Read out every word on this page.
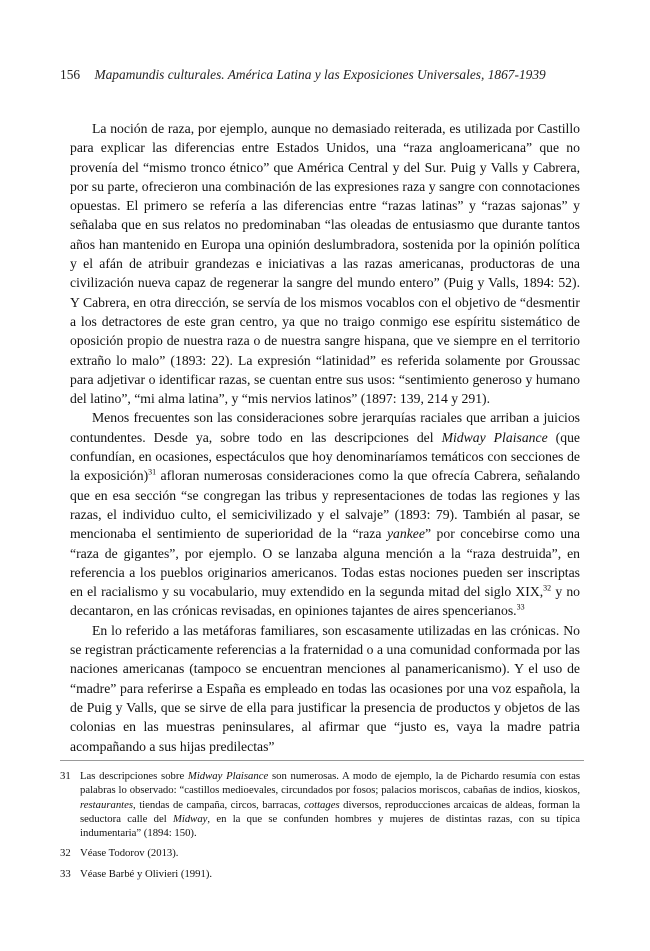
156 Mapamundis culturales. América Latina y las Exposiciones Universales, 1867-1939

La noción de raza, por ejemplo, aunque no demasiado reiterada, es utilizada por Castillo para explicar las diferencias entre Estados Unidos, una “raza angloamericana” que no provenía del “mismo tronco étnico” que América Central y del Sur. Puig y Valls y Cabrera, por su parte, ofrecieron una combinación de las expresiones raza y sangre con connotaciones opuestas. El primero se refería a las diferencias entre “razas latinas” y “razas sajonas” y señalaba que en sus relatos no predominaban “las oleadas de entusiasmo que durante tantos años han mantenido en Europa una opinión deslumbradora, sostenida por la opinión política y el afán de atribuir grandezas e iniciativas a las razas americanas, productoras de una civilización nueva capaz de regenerar la sangre del mundo entero” (Puig y Valls, 1894: 52). Y Cabrera, en otra dirección, se servía de los mismos vocablos con el objetivo de “desmentir a los detractores de este gran centro, ya que no traigo conmigo ese espíritu sistemático de oposición propio de nuestra raza o de nuestra sangre hispana, que ve siempre en el territorio extraño lo malo” (1893: 22). La expresión “latinidad” es referida solamente por Groussac para adjetivar o identificar razas, se cuentan entre sus usos: “sentimiento generoso y humano del latino”, “mi alma latina”, y “mis nervios latinos” (1897: 139, 214 y 291).

Menos frecuentes son las consideraciones sobre jerarquías raciales que arriban a juicios contundentes. Desde ya, sobre todo en las descripciones del Midway Plaisance (que confundían, en ocasiones, espectáculos que hoy denominaríamos temáticos con secciones de la exposición)$^{31}$ afloran numerosas consideraciones como la que ofrecía Cabrera, señalando que en esa sección “se congregan las tribus y representaciones de todas las regiones y las razas, el individuo culto, el semicivilizado y el salvaje” (1893: 79). También al pasar, se mencionaba el sentimiento de superioridad de la “raza yankee” por concebirse como una “raza de gigantes”, por ejemplo. O se lanzaba alguna mención a la “raza destruida”, en referencia a los pueblos originarios americanos. Todas estas nociones pueden ser inscriptas en el racialismo y su vocabulario, muy extendido en la segunda mitad del siglo XIX,$^{32}$ y no decantaron, en las crónicas revisadas, en opiniones tajantes de aires spencerianos.$^{33}$

En lo referido a las metáforas familiares, son escasamente utilizadas en las crónicas. No se registran prácticamente referencias a la fraternidad o a una comunidad conformada por las naciones americanas (tampoco se encuentran menciones al panamericanismo). Y el uso de “madre” para referirse a España es empleado en todas las ocasiones por una voz española, la de Puig y Valls, que se sirve de ella para justificar la presencia de productos y objetos de las colonias en las muestras peninsulares, al afirmar que “justo es, vaya la madre patria acompañando a sus hijas predilectas”

31 Las descripciones sobre Midway Plaisance son numerosas. A modo de ejemplo, la de Pichardo resumía con estas palabras lo observado: “castillos medioevales, circundados por fosos; palacios moriscos, cabañas de indios, kioskos, restaurantes, tiendas de campaña, circos, barracas, cottages diversos, reproducciones arcaicas de aldeas, forman la seductora calle del Midway, en la que se confunden hombres y mujeres de distintas razas, con su típica indumentaria” (1894: 150).
32 Véase Todorov (2013).
33 Véase Barbé y Olivieri (1991).
